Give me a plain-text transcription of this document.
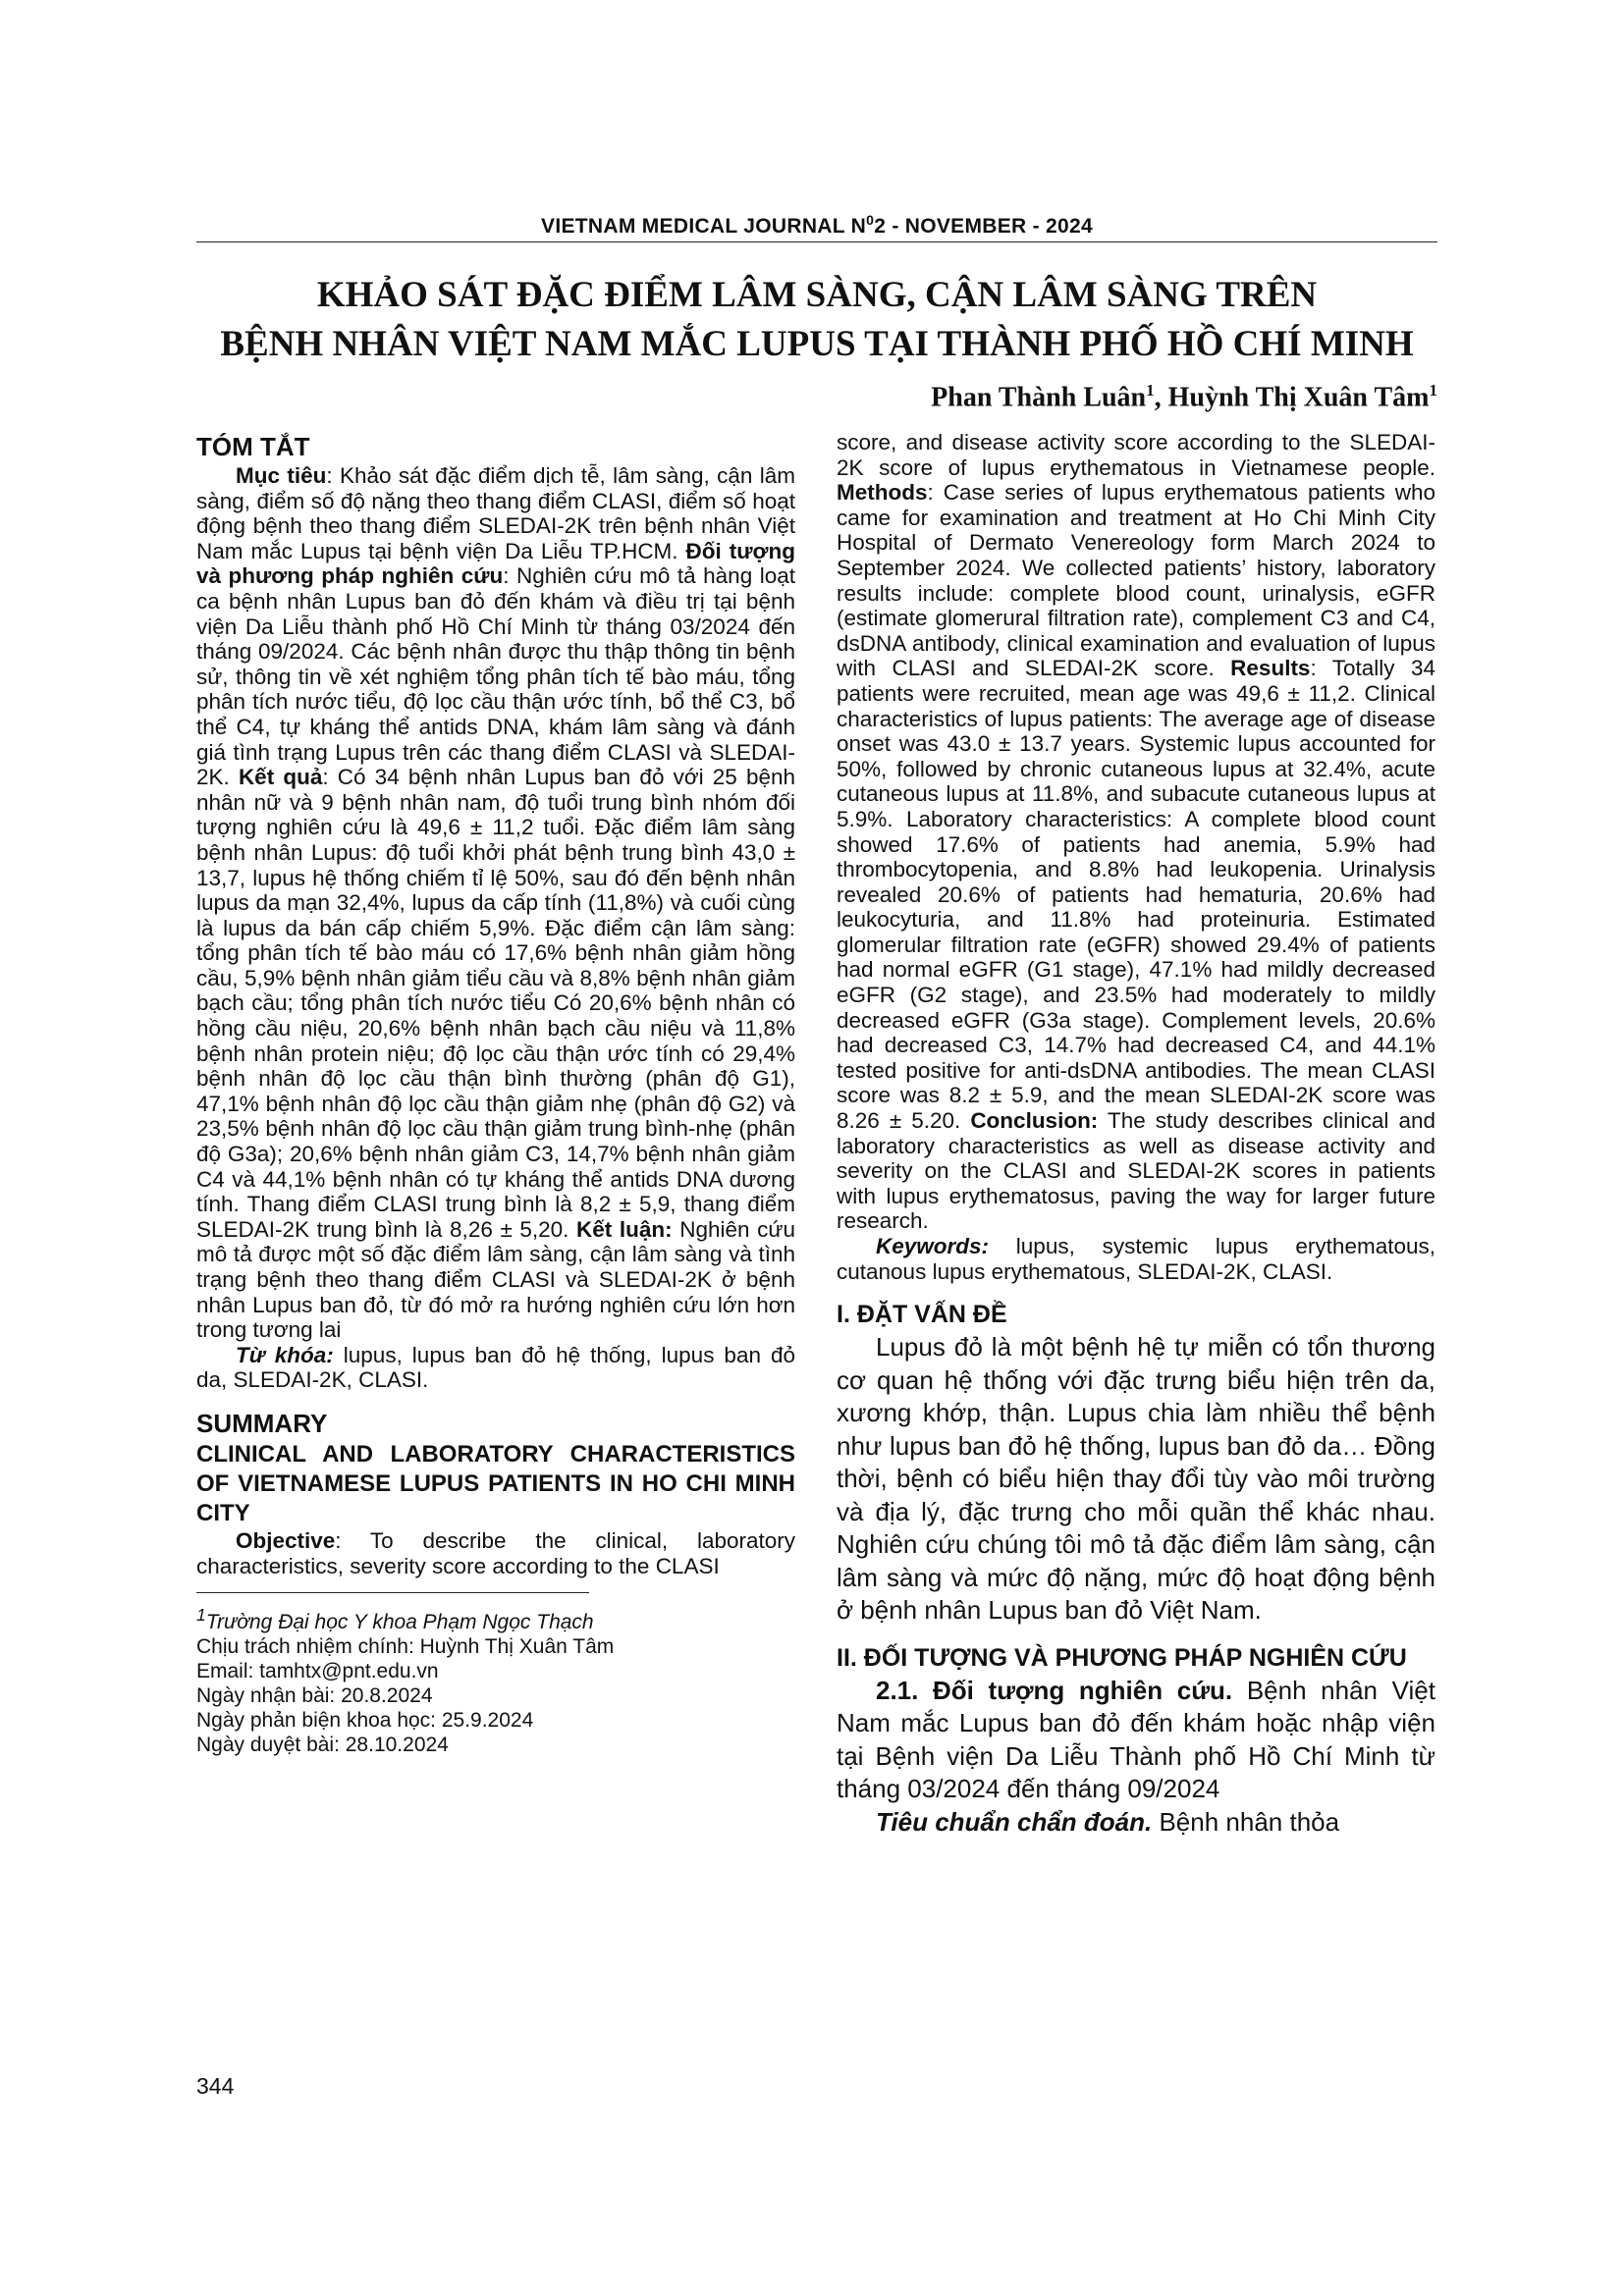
VIETNAM MEDICAL JOURNAL $N^02$ - NOVEMBER - 2024
KHẢO SÁT ĐẶC ĐIỂM LÂM SÀNG, CẬN LÂM SÀNG TRÊN
BỆNH NHÂN VIỆT NAM MẮC LUPUS TẠI THÀNH PHỐ HỒ CHÍ MINH
Phan Thành Luân$^1$, Huỳnh Thị Xuân Tâm$^1$
TÓM TẮT

Mục tiêu: Khảo sát đặc điểm dịch tễ, lâm sàng, cận lâm sàng, điểm số độ nặng theo thang điểm CLASI, điểm số hoạt động bệnh theo thang điểm SLEDAI-2K trên bệnh nhân Việt Nam mắc Lupus tại bệnh viện Da Liễu TP.HCM. Đối tượng và phương pháp nghiên cứu: Nghiên cứu mô tả hàng loạt ca bệnh nhân Lupus ban đỏ đến khám và điều trị tại bệnh viện Da Liễu thành phố Hồ Chí Minh từ tháng 03/2024 đến tháng 09/2024. Các bệnh nhân được thu thập thông tin bệnh sử, thông tin về xét nghiệm tổng phân tích tế bào máu, tổng phân tích nước tiểu, độ lọc cầu thận ước tính, bổ thể C3, bổ thể C4, tự kháng thể antids DNA, khám lâm sàng và đánh giá tình trạng Lupus trên các thang điểm CLASI và SLEDAI-2K. Kết quả: Có 34 bệnh nhân Lupus ban đỏ với 25 bệnh nhân nữ và 9 bệnh nhân nam, độ tuổi trung bình nhóm đối tượng nghiên cứu là 49,6 ± 11,2 tuổi. Đặc điểm lâm sàng bệnh nhân Lupus: độ tuổi khởi phát bệnh trung bình 43,0 ± 13,7, lupus hệ thống chiếm tỉ lệ 50%, sau đó đến bệnh nhân lupus da mạn 32,4%, lupus da cấp tính (11,8%) và cuối cùng là lupus da bán cấp chiếm 5,9%. Đặc điểm cận lâm sàng: tổng phân tích tế bào máu có 17,6% bệnh nhân giảm hồng cầu, 5,9% bệnh nhân giảm tiểu cầu và 8,8% bệnh nhân giảm bạch cầu; tổng phân tích nước tiểu Có 20,6% bệnh nhân có hồng cầu niệu, 20,6% bệnh nhân bạch cầu niệu và 11,8% bệnh nhân protein niệu; độ lọc cầu thận ước tính có 29,4% bệnh nhân độ lọc cầu thận bình thường (phân độ G1), 47,1% bệnh nhân độ lọc cầu thận giảm nhẹ (phân độ G2) và 23,5% bệnh nhân độ lọc cầu thận giảm trung bình-nhẹ (phân độ G3a); 20,6% bệnh nhân giảm C3, 14,7% bệnh nhân giảm C4 và 44,1% bệnh nhân có tự kháng thể antids DNA dương tính. Thang điểm CLASI trung bình là 8,2 ± 5,9, thang điểm SLEDAI-2K trung bình là 8,26 ± 5,20. Kết luận: Nghiên cứu mô tả được một số đặc điểm lâm sàng, cận lâm sàng và tình trạng bệnh theo thang điểm CLASI và SLEDAI-2K ở bệnh nhân Lupus ban đỏ, từ đó mở ra hướng nghiên cứu lớn hơn trong tương lai

Từ khóa: lupus, lupus ban đỏ hệ thống, lupus ban đỏ da, SLEDAI-2K, CLASI.

SUMMARY

CLINICAL AND LABORATORY CHARACTERISTICS OF VIETNAMESE LUPUS PATIENTS IN HO CHI MINH CITY

Objective: To describe the clinical, laboratory characteristics, severity score according to the CLASI

$^1$Trường Đại học Y khoa Phạm Ngọc Thạch

Chịu trách nhiệm chính: Huỳnh Thị Xuân Tâm

Email: tamhtx@pnt.edu.vn

Ngày nhận bài: 20.8.2024

Ngày phản biện khoa học: 25.9.2024

Ngày duyệt bài: 28.10.2024

score, and disease activity score according to the SLEDAI-2K score of lupus erythematous in Vietnamese people. Methods: Case series of lupus erythematous patients who came for examination and treatment at Ho Chi Minh City Hospital of Dermato Venereology form March 2024 to September 2024. We collected patients’ history, laboratory results include: complete blood count, urinalysis, eGFR (estimate glomerural filtration rate), complement C3 and C4, dsDNA antibody, clinical examination and evaluation of lupus with CLASI and SLEDAI-2K score. Results: Totally 34 patients were recruited, mean age was 49,6 ± 11,2. Clinical characteristics of lupus patients: The average age of disease onset was 43.0 ± 13.7 years. Systemic lupus accounted for 50%, followed by chronic cutaneous lupus at 32.4%, acute cutaneous lupus at 11.8%, and subacute cutaneous lupus at 5.9%. Laboratory characteristics: A complete blood count showed 17.6% of patients had anemia, 5.9% had thrombocytopenia, and 8.8% had leukopenia. Urinalysis revealed 20.6% of patients had hematuria, 20.6% had leukocyturia, and 11.8% had proteinuria. Estimated glomerular filtration rate (eGFR) showed 29.4% of patients had normal eGFR (G1 stage), 47.1% had mildly decreased eGFR (G2 stage), and 23.5% had moderately to mildly decreased eGFR (G3a stage). Complement levels, 20.6% had decreased C3, 14.7% had decreased C4, and 44.1% tested positive for anti-dsDNA antibodies. The mean CLASI score was 8.2 ± 5.9, and the mean SLEDAI-2K score was 8.26 ± 5.20. Conclusion: The study describes clinical and laboratory characteristics as well as disease activity and severity on the CLASI and SLEDAI-2K scores in patients with lupus erythematosus, paving the way for larger future research.

Keywords: lupus, systemic lupus erythematous, cutanous lupus erythematous, SLEDAI-2K, CLASI.

I. ĐẶT VẤN ĐỀ

Lupus đỏ là một bệnh hệ tự miễn có tổn thương cơ quan hệ thống với đặc trưng biểu hiện trên da, xương khớp, thận. Lupus chia làm nhiều thể bệnh như lupus ban đỏ hệ thống, lupus ban đỏ da… Đồng thời, bệnh có biểu hiện thay đổi tùy vào môi trường và địa lý, đặc trưng cho mỗi quần thể khác nhau. Nghiên cứu chúng tôi mô tả đặc điểm lâm sàng, cận lâm sàng và mức độ nặng, mức độ hoạt động bệnh ở bệnh nhân Lupus ban đỏ Việt Nam.

II. ĐỐI TƯỢNG VÀ PHƯƠNG PHÁP NGHIÊN CỨU

2.1. Đối tượng nghiên cứu. Bệnh nhân Việt Nam mắc Lupus ban đỏ đến khám hoặc nhập viện tại Bệnh viện Da Liễu Thành phố Hồ Chí Minh từ tháng 03/2024 đến tháng 09/2024

Tiêu chuẩn chẩn đoán. Bệnh nhân thỏa

344
